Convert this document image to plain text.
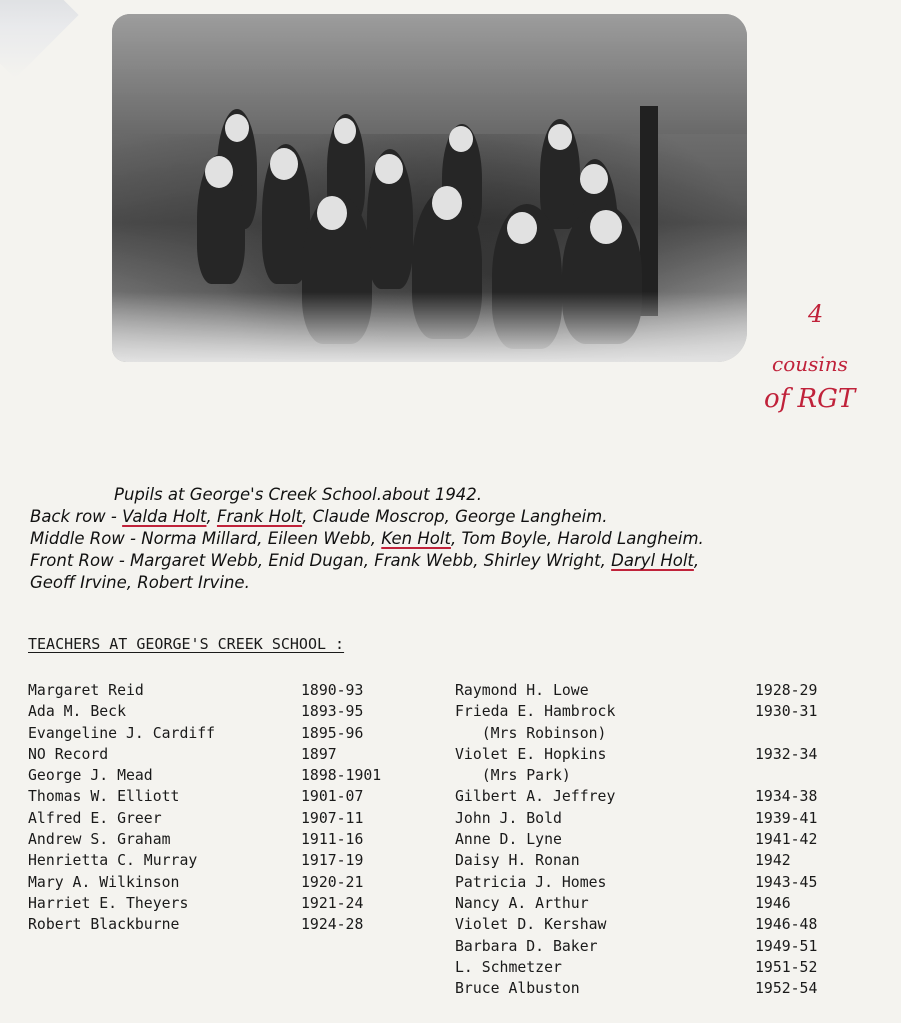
4
cousins
of RGT
Pupils at George's Creek School.about 1942.
Back row - Valda Holt, Frank Holt, Claude Moscrop, George Langheim.
Middle Row - Norma Millard, Eileen Webb, Ken Holt, Tom Boyle, Harold Langheim.
Front Row - Margaret Webb, Enid Dugan, Frank Webb, Shirley Wright, Daryl Holt,
Geoff Irvine, Robert Irvine.
TEACHERS AT GEORGE'S CREEK SCHOOL :
Margaret Reid	1890-93
Ada M. Beck	1893-95
Evangeline J. Cardiff	1895-96
NO Record	1897
George J. Mead	1898-1901
Thomas W. Elliott	1901-07
Alfred E. Greer	1907-11
Andrew S. Graham	1911-16
Henrietta C. Murray	1917-19
Mary A. Wilkinson	1920-21
Harriet E. Theyers	1921-24
Robert Blackburne	1924-28
Raymond H. Lowe	1928-29
Frieda E. Hambrock	1930-31
(Mrs Robinson)
Violet E. Hopkins	1932-34
(Mrs Park)
Gilbert A. Jeffrey	1934-38
John J. Bold	1939-41
Anne D. Lyne	1941-42
Daisy H. Ronan	1942
Patricia J. Homes	1943-45
Nancy A. Arthur	1946
Violet D. Kershaw	1946-48
Barbara D. Baker	1949-51
L. Schmetzer	1951-52
Bruce Albuston	1952-54
